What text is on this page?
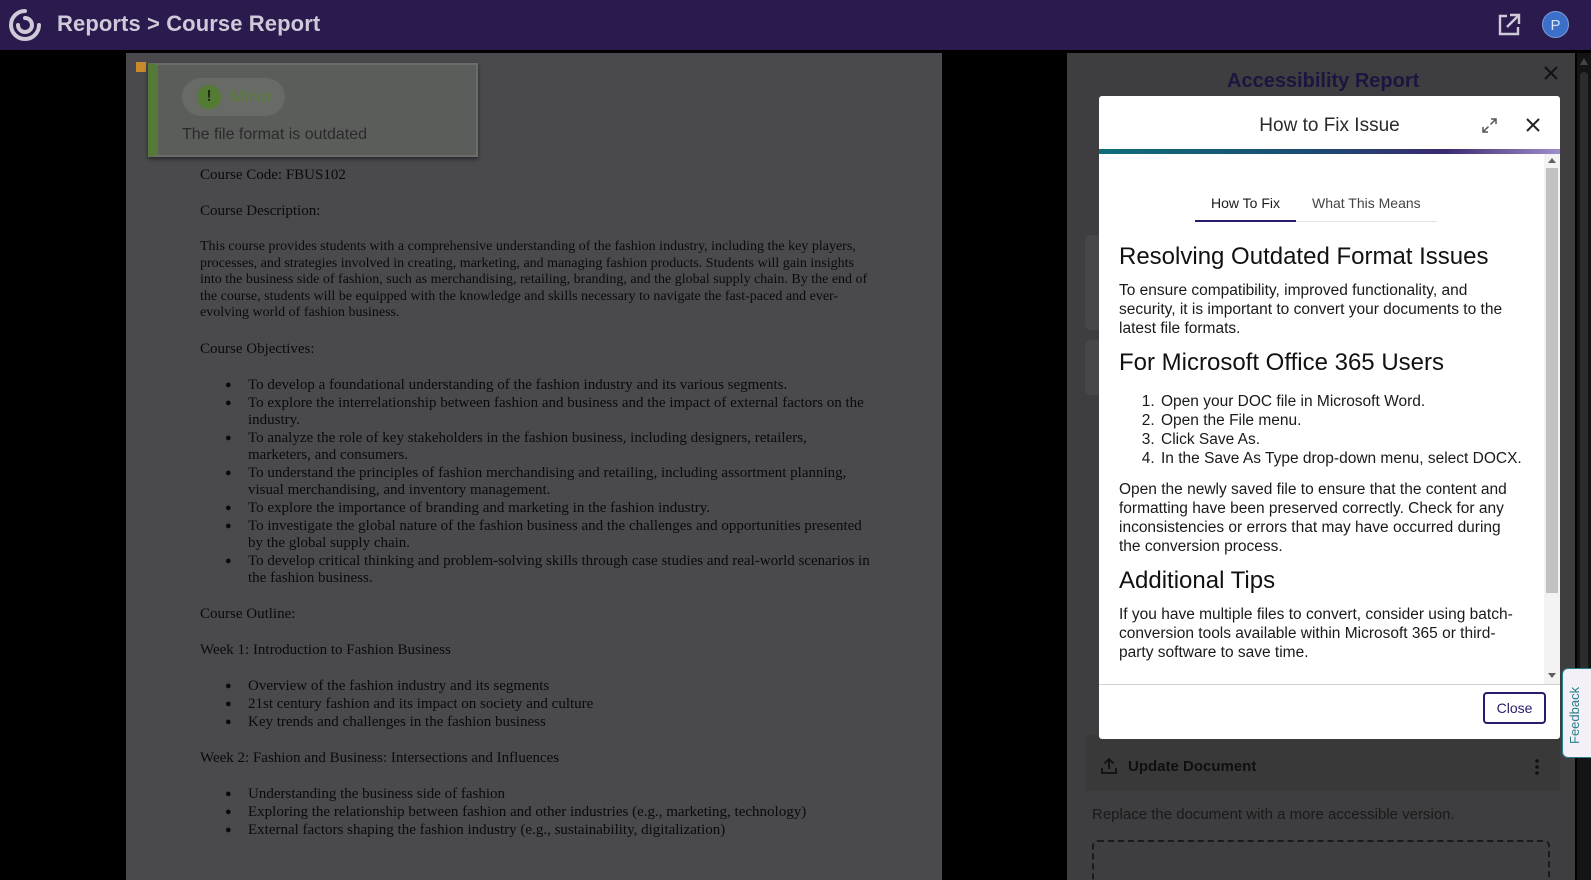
Reports > Course Report	P

Course Code: FBUS102

Course Description:

This course provides students with a comprehensive understanding of the fashion industry, including the key players, processes, and strategies involved in creating, marketing, and managing fashion products. Students will gain insights into the business side of fashion, such as merchandising, retailing, branding, and the global supply chain. By the end of the course, students will be equipped with the knowledge and skills necessary to navigate the fast-paced and ever-evolving world of fashion business.

Course Objectives:

● To develop a foundational understanding of the fashion industry and its various segments.
● To explore the interrelationship between fashion and business and the impact of external factors on the industry.
● To analyze the role of key stakeholders in the fashion business, including designers, retailers, marketers, and consumers.
● To understand the principles of fashion merchandising and retailing, including assortment planning, visual merchandising, and inventory management.
● To explore the importance of branding and marketing in the fashion industry.
● To investigate the global nature of the fashion business and the challenges and opportunities presented by the global supply chain.
● To develop critical thinking and problem-solving skills through case studies and real-world scenarios in the fashion business.

Course Outline:

Week 1: Introduction to Fashion Business

● Overview of the fashion industry and its segments
● 21st century fashion and its impact on society and culture
● Key trends and challenges in the fashion business

Week 2: Fashion and Business: Intersections and Influences

● Understanding the business side of fashion
● Exploring the relationship between fashion and other industries (e.g., marketing, technology)
● External factors shaping the fashion industry (e.g., sustainability, digitalization)
!	Minor
The file format is outdated
Accessibility Report
Update Document
Replace the document with a more accessible version.
Feedback
How to Fix Issue
How To Fix	What This Means
Resolving Outdated Format Issues

To ensure compatibility, improved functionality, and security, it is important to convert your documents to the latest file formats.

For Microsoft Office 365 Users
1. Open your DOC file in Microsoft Word.
2. Open the File menu.
3. Click Save As.
4. In the Save As Type drop-down menu, select DOCX.

Open the newly saved file to ensure that the content and formatting have been preserved correctly. Check for any inconsistencies or errors that may have occurred during the conversion process.

Additional Tips

If you have multiple files to convert, consider using batch-conversion tools available within Microsoft 365 or third-party software to save time.

Close
